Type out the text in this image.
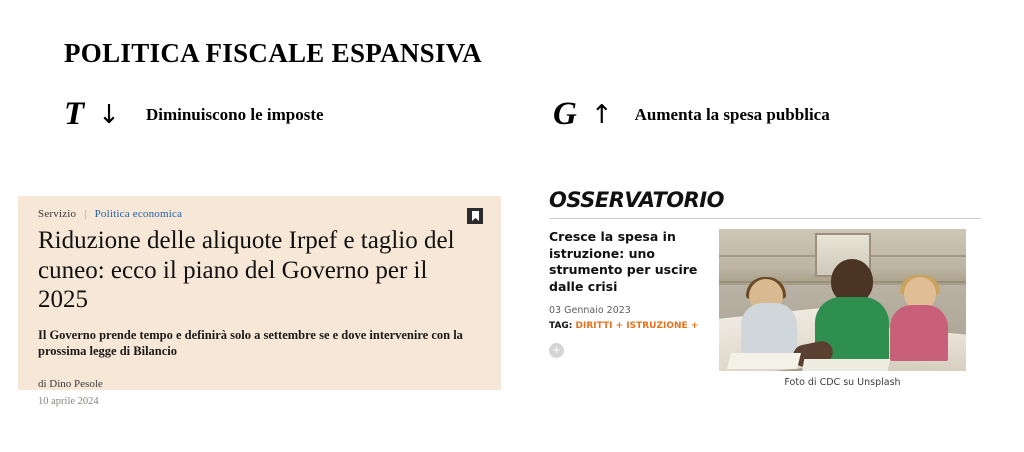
POLITICA FISCALE ESPANSIVA
T ↓ Diminuiscono le imposte	G ↑ Aumenta la spesa pubblica
Servizio | Politica economica
Riduzione delle aliquote Irpef e taglio del cuneo: ecco il piano del Governo per il 2025
Il Governo prende tempo e definirà solo a settembre se e dove intervenire con la prossima legge di Bilancio
di Dino Pesole
10 aprile 2024
OSSERVATORIO
Cresce la spesa in istruzione: uno strumento per uscire dalle crisi
03 Gennaio 2023
TAG: DIRITTI + ISTRUZIONE +
+
Foto di CDC su Unsplash
